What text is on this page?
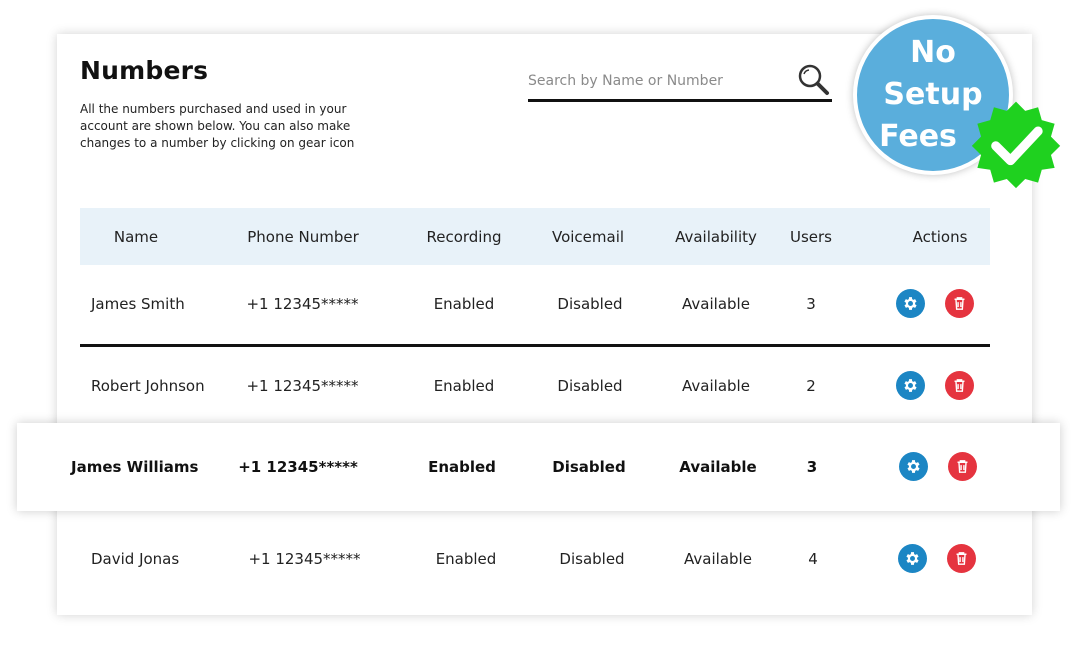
Numbers
All the numbers purchased and used in your account are shown below. You can also make changes to a number by clicking on gear icon
Search by Name or Number
Name	Phone Number	Recording	Voicemail	Availability	Users	Actions
James Smith	+1 12345*****	Enabled	Disabled	Available	3
Robert Johnson	+1 12345*****	Enabled	Disabled	Available	2
James Williams	+1 12345*****	Enabled	Disabled	Available	3
David Jonas	+1 12345*****	Enabled	Disabled	Available	4
No
Setup
Fees
